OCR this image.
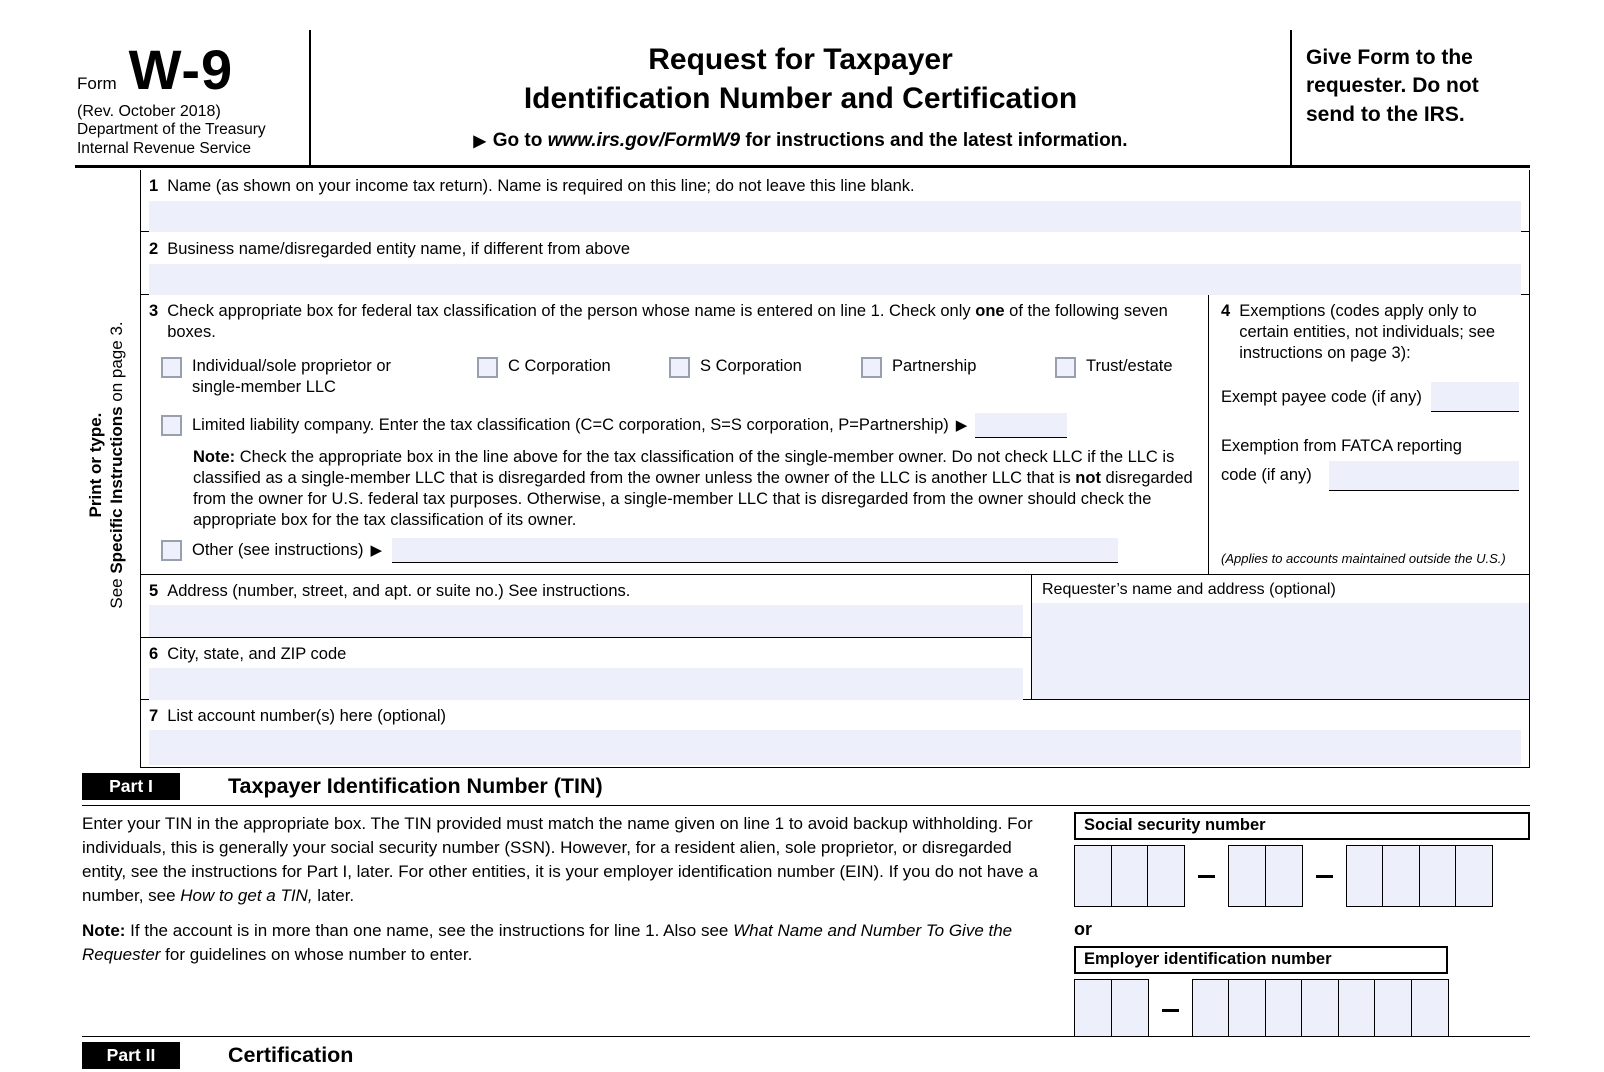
Form W-9
(Rev. October 2018)
Department of the Treasury
Internal Revenue Service
Request for Taxpayer
Identification Number and Certification
▶ Go to www.irs.gov/FormW9 for instructions and the latest information.
Give Form to the
requester. Do not
send to the IRS.
Print or type.
See Specific Instructions on page 3.
1 Name (as shown on your income tax return). Name is required on this line; do not leave this line blank.
2 Business name/disregarded entity name, if different from above
3 Check appropriate box for federal tax classification of the person whose name is entered on line 1. Check only one of the following seven boxes.
Individual/sole proprietor or single-member LLC
C Corporation	S Corporation	Partnership	Trust/estate
Limited liability company. Enter the tax classification (C=C corporation, S=S corporation, P=Partnership) ▶
Note: Check the appropriate box in the line above for the tax classification of the single-member owner. Do not check LLC if the LLC is classified as a single-member LLC that is disregarded from the owner unless the owner of the LLC is another LLC that is not disregarded from the owner for U.S. federal tax purposes. Otherwise, a single-member LLC that is disregarded from the owner should check the appropriate box for the tax classification of its owner.
Other (see instructions) ▶
4 Exemptions (codes apply only to certain entities, not individuals; see instructions on page 3):
Exempt payee code (if any)
Exemption from FATCA reporting
code (if any)
(Applies to accounts maintained outside the U.S.)
5 Address (number, street, and apt. or suite no.) See instructions.
6 City, state, and ZIP code
Requester’s name and address (optional)
7 List account number(s) here (optional)
Part I	Taxpayer Identification Number (TIN)
Enter your TIN in the appropriate box. The TIN provided must match the name given on line 1 to avoid backup withholding. For individuals, this is generally your social security number (SSN). However, for a resident alien, sole proprietor, or disregarded entity, see the instructions for Part I, later. For other entities, it is your employer identification number (EIN). If you do not have a number, see How to get a TIN, later.
Note: If the account is in more than one name, see the instructions for line 1. Also see What Name and Number To Give the Requester for guidelines on whose number to enter.
Social security number
or
Employer identification number
Part II	Certification
